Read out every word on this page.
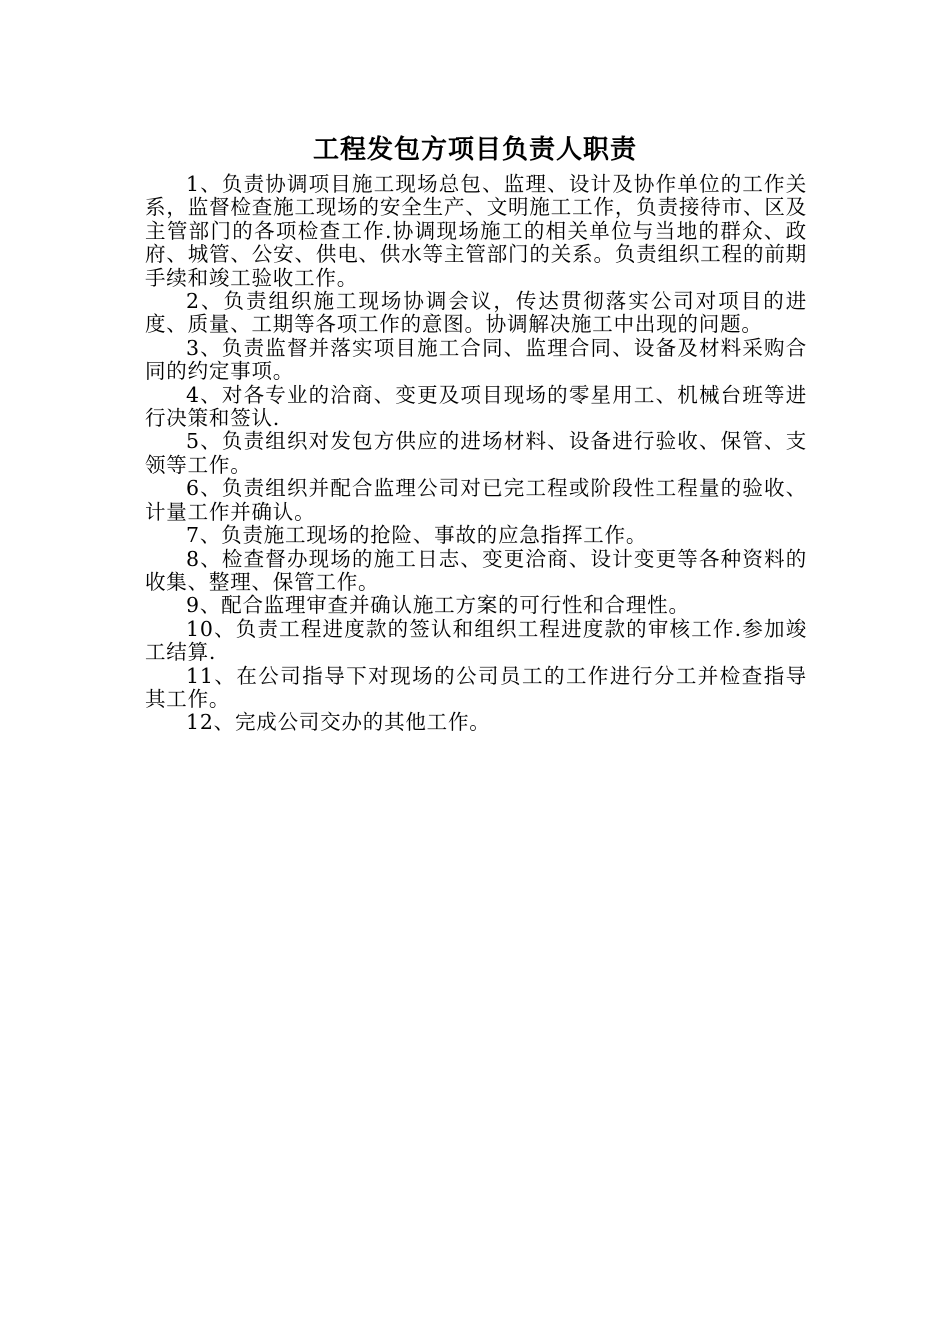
工程发包方项目负责人职责

1、负责协调项目施工现场总包、监理、设计及协作单位的工作关系，监督检查施工现场的安全生产、文明施工工作，负责接待市、区及主管部门的各项检查工作.协调现场施工的相关单位与当地的群众、政府、城管、公安、供电、供水等主管部门的关系。负责组织工程的前期手续和竣工验收工作。

2、负责组织施工现场协调会议，传达贯彻落实公司对项目的进度、质量、工期等各项工作的意图。协调解决施工中出现的问题。

3、负责监督并落实项目施工合同、监理合同、设备及材料采购合同的约定事项。

4、对各专业的洽商、变更及项目现场的零星用工、机械台班等进行决策和签认.

5、负责组织对发包方供应的进场材料、设备进行验收、保管、支领等工作。

6、负责组织并配合监理公司对已完工程或阶段性工程量的验收、计量工作并确认。

7、负责施工现场的抢险、事故的应急指挥工作。

8、检查督办现场的施工日志、变更洽商、设计变更等各种资料的收集、整理、保管工作。

9、配合监理审查并确认施工方案的可行性和合理性。

10、负责工程进度款的签认和组织工程进度款的审核工作.参加竣工结算.

11、在公司指导下对现场的公司员工的工作进行分工并检查指导其工作。

12、完成公司交办的其他工作。
